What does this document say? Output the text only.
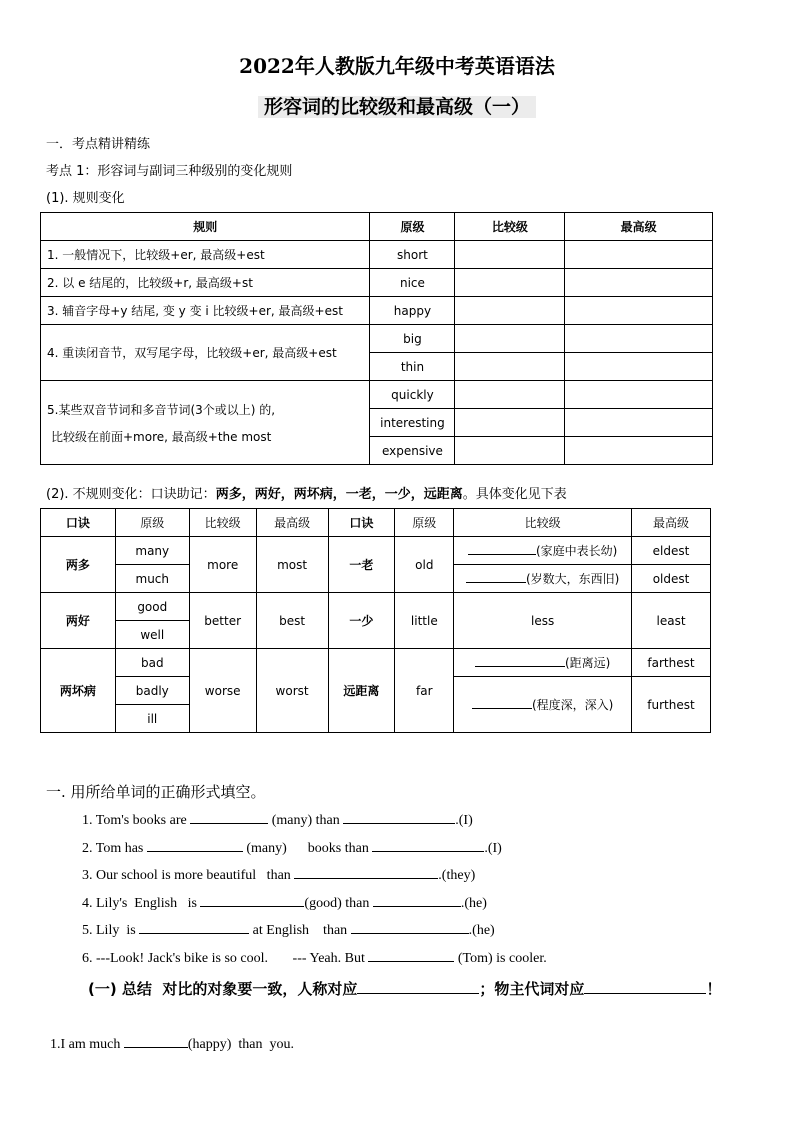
2022年人教版九年级中考英语语法
形容词的比较级和最高级（一）
一．考点精讲精练
考点 1：形容词与副词三种级别的变化规则
(1). 规则变化
规则	原级	比较级	最高级
1. 一般情况下，比较级+er, 最高级+est	short		
2. 以 e 结尾的，比较级+r, 最高级+st	nice		
3. 辅音字母+y 结尾, 变 y 变 i 比较级+er, 最高级+est	happy		
4. 重读闭音节，双写尾字母，比较级+er, 最高级+est	big		
	thin		

5.某些双音节词和多音节词(3个或以上) 的,
比较级在前面+more, 最高级+the most	quickly		
	interesting		
	expensive		
(2). 不规则变化：口诀助记：两多，两好，两坏病，一老，一少，远距离。具体变化见下表
口诀	原级	比较级	最高级	口诀	原级	比较级	最高级
两多	many	more	most	一老	old	(家庭中表长幼)	eldest
	much					(岁数大，东西旧)	oldest
两好	good	better	best	一少	little	less	least
	well						
两坏病	bad	worse	worst	远距离	far	(距离远)	farthest
	badly					(程度深，深入)	furthest
	ill						
一. 用所给单词的正确形式填空。
1. Tom's books are	(many) than	.(I)
2. Tom has	(many)      books than	.(I)
3. Our school is more beautiful   than	.(they)
4. Lily's  English   is	(good) than	.(he)
5. Lily  is	at English    than	.(he)
6. ---Look! Jack's bike is so cool.       --- Yeah. But	(Tom) is cooler.
(一) 总结  对比的对象要一致，人称对应	；物主代词对应	！
1.I am much	(happy)  than  you.
